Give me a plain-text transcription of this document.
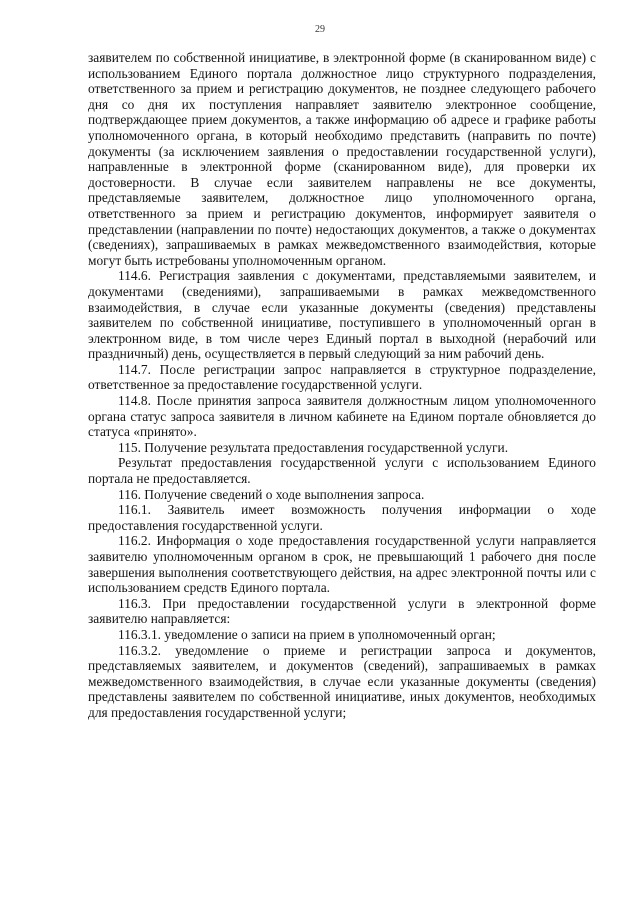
29

заявителем по собственной инициативе, в электронной форме (в сканированном виде) с использованием Единого портала должностное лицо структурного подразделения, ответственного за прием и регистрацию документов, не позднее следующего рабочего дня со дня их поступления направляет заявителю электронное сообщение, подтверждающее прием документов, а также информацию об адресе и графике работы уполномоченного органа, в который необходимо представить (направить по почте) документы (за исключением заявления о предоставлении государственной услуги), направленные в электронной форме (сканированном виде), для проверки их достоверности. В случае если заявителем направлены не все документы, представляемые заявителем, должностное лицо уполномоченного органа, ответственного за прием и регистрацию документов, информирует заявителя о представлении (направлении по почте) недостающих документов, а также о документах (сведениях), запрашиваемых в рамках межведомственного взаимодействия, которые могут быть истребованы уполномоченным органом.

114.6. Регистрация заявления с документами, представляемыми заявителем, и документами (сведениями), запрашиваемыми в рамках межведомственного взаимодействия, в случае если указанные документы (сведения) представлены заявителем по собственной инициативе, поступившего в уполномоченный орган в электронном виде, в том числе через Единый портал в выходной (нерабочий или праздничный) день, осуществляется в первый следующий за ним рабочий день.

114.7. После регистрации запрос направляется в структурное подразделение, ответственное за предоставление государственной услуги.

114.8. После принятия запроса заявителя должностным лицом уполномоченного органа статус запроса заявителя в личном кабинете на Едином портале обновляется до статуса «принято».

115. Получение результата предоставления государственной услуги.

Результат предоставления государственной услуги с использованием Единого портала не предоставляется.

116. Получение сведений о ходе выполнения запроса.

116.1. Заявитель имеет возможность получения информации о ходе предоставления государственной услуги.

116.2. Информация о ходе предоставления государственной услуги направляется заявителю уполномоченным органом в срок, не превышающий 1 рабочего дня после завершения выполнения соответствующего действия, на адрес электронной почты или с использованием средств Единого портала.

116.3. При предоставлении государственной услуги в электронной форме заявителю направляется:

116.3.1. уведомление о записи на прием в уполномоченный орган;

116.3.2. уведомление о приеме и регистрации запроса и документов, представляемых заявителем, и документов (сведений), запрашиваемых в рамках межведомственного взаимодействия, в случае если указанные документы (сведения) представлены заявителем по собственной инициативе, иных документов, необходимых для предоставления государственной услуги;
